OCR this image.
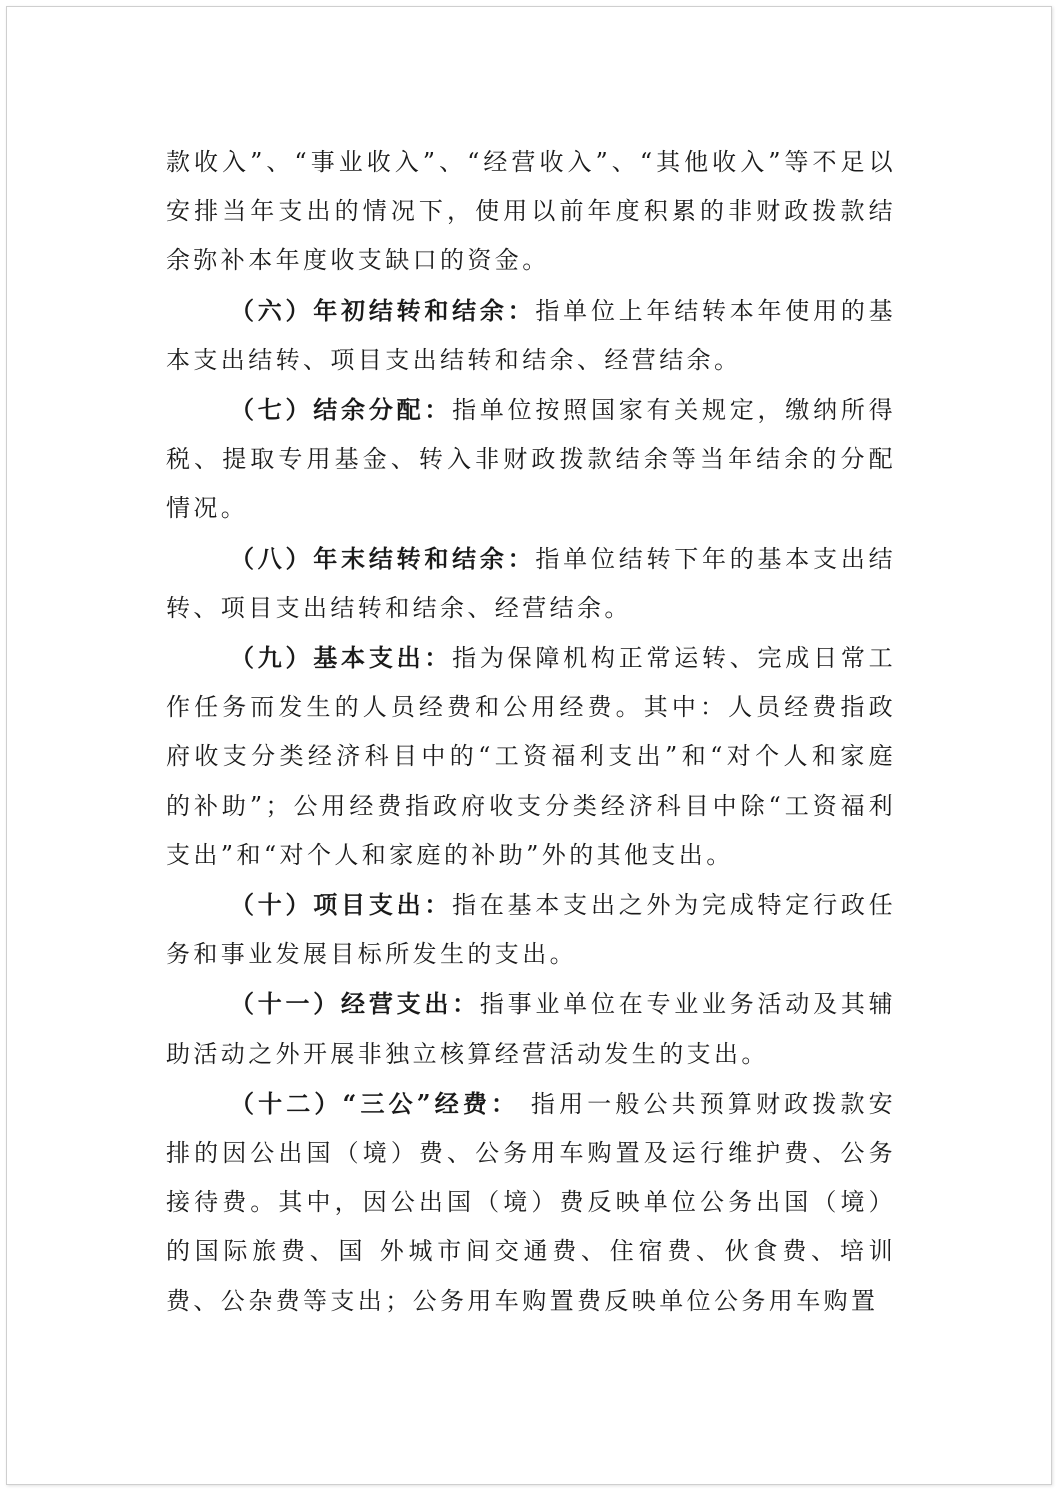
款收入”、“事业收入”、“经营收入”、“其他收入”等不足以安排当年支出的情况下，使用以前年度积累的非财政拨款结余弥补本年度收支缺口的资金。

（六）年初结转和结余：指单位上年结转本年使用的基本支出结转、项目支出结转和结余、经营结余。

（七）结余分配：指单位按照国家有关规定，缴纳所得税、提取专用基金、转入非财政拨款结余等当年结余的分配情况。

（八）年末结转和结余：指单位结转下年的基本支出结转、项目支出结转和结余、经营结余。

（九）基本支出：指为保障机构正常运转、完成日常工作任务而发生的人员经费和公用经费。其中：人员经费指政府收支分类经济科目中的“工资福利支出”和“对个人和家庭的补助”；公用经费指政府收支分类经济科目中除“工资福利支出”和“对个人和家庭的补助”外的其他支出。

（十）项目支出：指在基本支出之外为完成特定行政任务和事业发展目标所发生的支出。

（十一）经营支出：指事业单位在专业业务活动及其辅助活动之外开展非独立核算经营活动发生的支出。

（十二）“三公”经费： 指用一般公共预算财政拨款安排的因公出国（境）费、公务用车购置及运行维护费、公务接待费。其中，因公出国（境）费反映单位公务出国（境）的国际旅费、国 外城市间交通费、住宿费、伙食费、培训费、公杂费等支出；公务用车购置费反映单位公务用车购置
